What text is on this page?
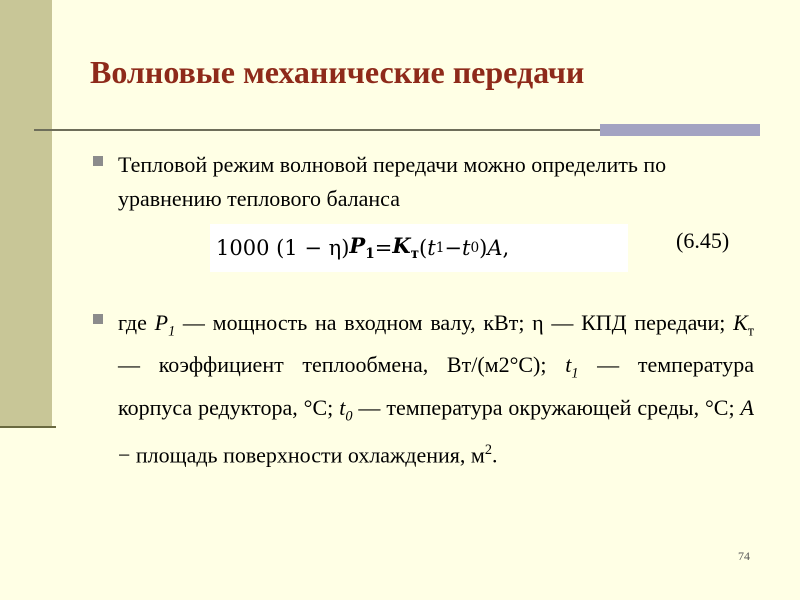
Волновые механические передачи

Тепловой режим волновой передачи можно определить по уравнению теплового баланса

1000 (1 − η) $P_1 = K_т$ ( t 1 − t 0 ) A ,	(6.45)

где $P_1$ — мощность на входном валу, кВт; η — КПД передачи; $К_т$ — коэффициент теплообмена, Вт/(м2°С); $t_1$ — температура корпуса редуктора, °С; $t_0$ — температура окружающей среды, °С; A − площадь поверхности охлаждения, $м^2$.

74
